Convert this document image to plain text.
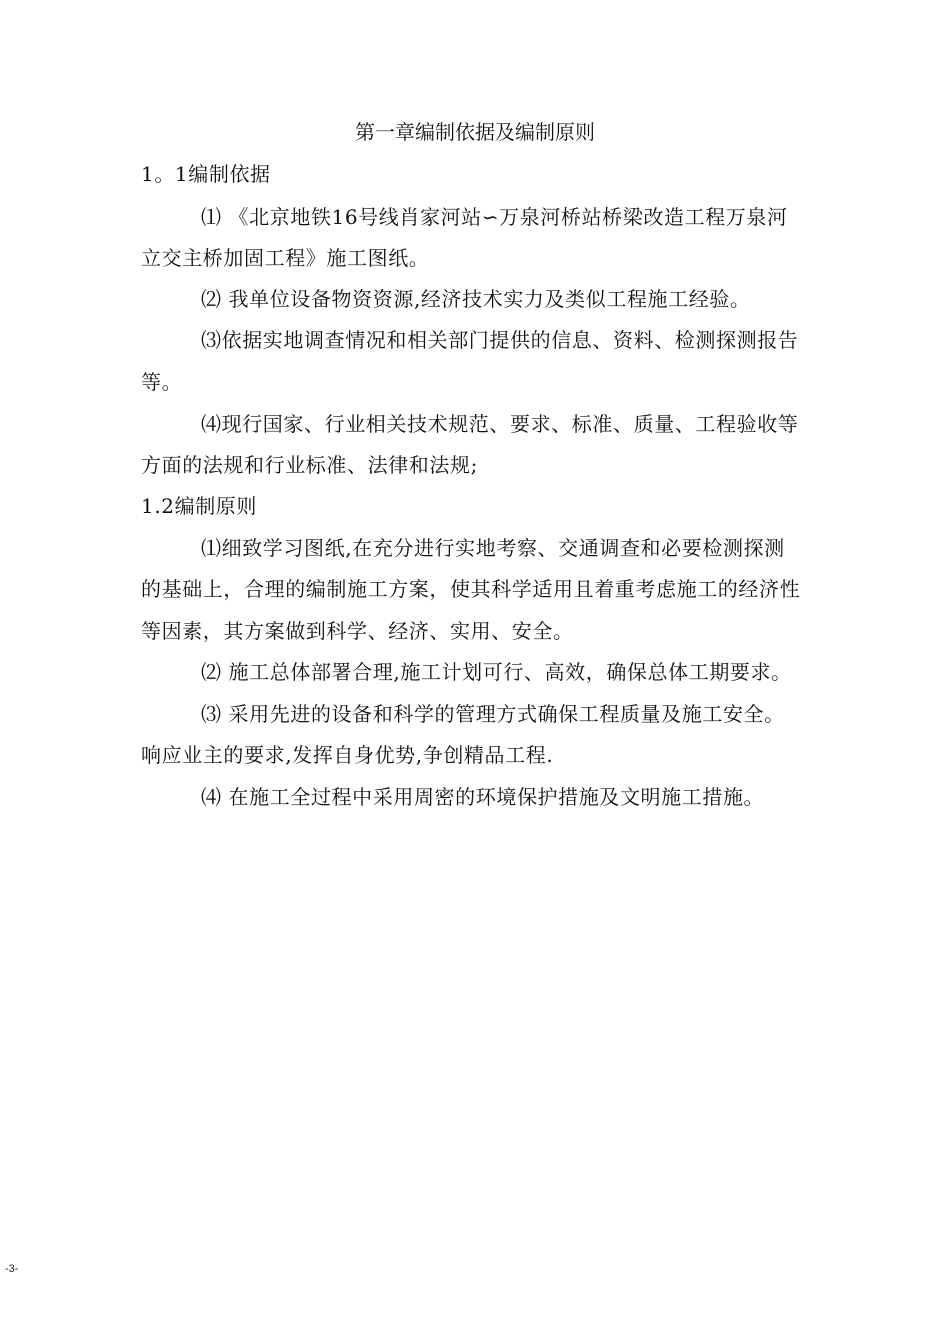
第一章编制依据及编制原则
1。1编制依据
⑴ 《北京地铁16号线肖家河站∽万泉河桥站桥梁改造工程万泉河
立交主桥加固工程》施工图纸。
⑵ 我单位设备物资资源,经济技术实力及类似工程施工经验。
⑶依据实地调查情况和相关部门提供的信息、资料、检测探测报告
等。
⑷现行国家、行业相关技术规范、要求、标准、质量、工程验收等
方面的法规和行业标准、法律和法规;
1.2编制原则
⑴细致学习图纸,在充分进行实地考察、交通调查和必要检测探测
的基础上，合理的编制施工方案，使其科学适用且着重考虑施工的经济性
等因素，其方案做到科学、经济、实用、安全。
⑵ 施工总体部署合理,施工计划可行、高效，确保总体工期要求。
⑶ 采用先进的设备和科学的管理方式确保工程质量及施工安全。
响应业主的要求,发挥自身优势,争创精品工程.
⑷ 在施工全过程中采用周密的环境保护措施及文明施工措施。
-3-
